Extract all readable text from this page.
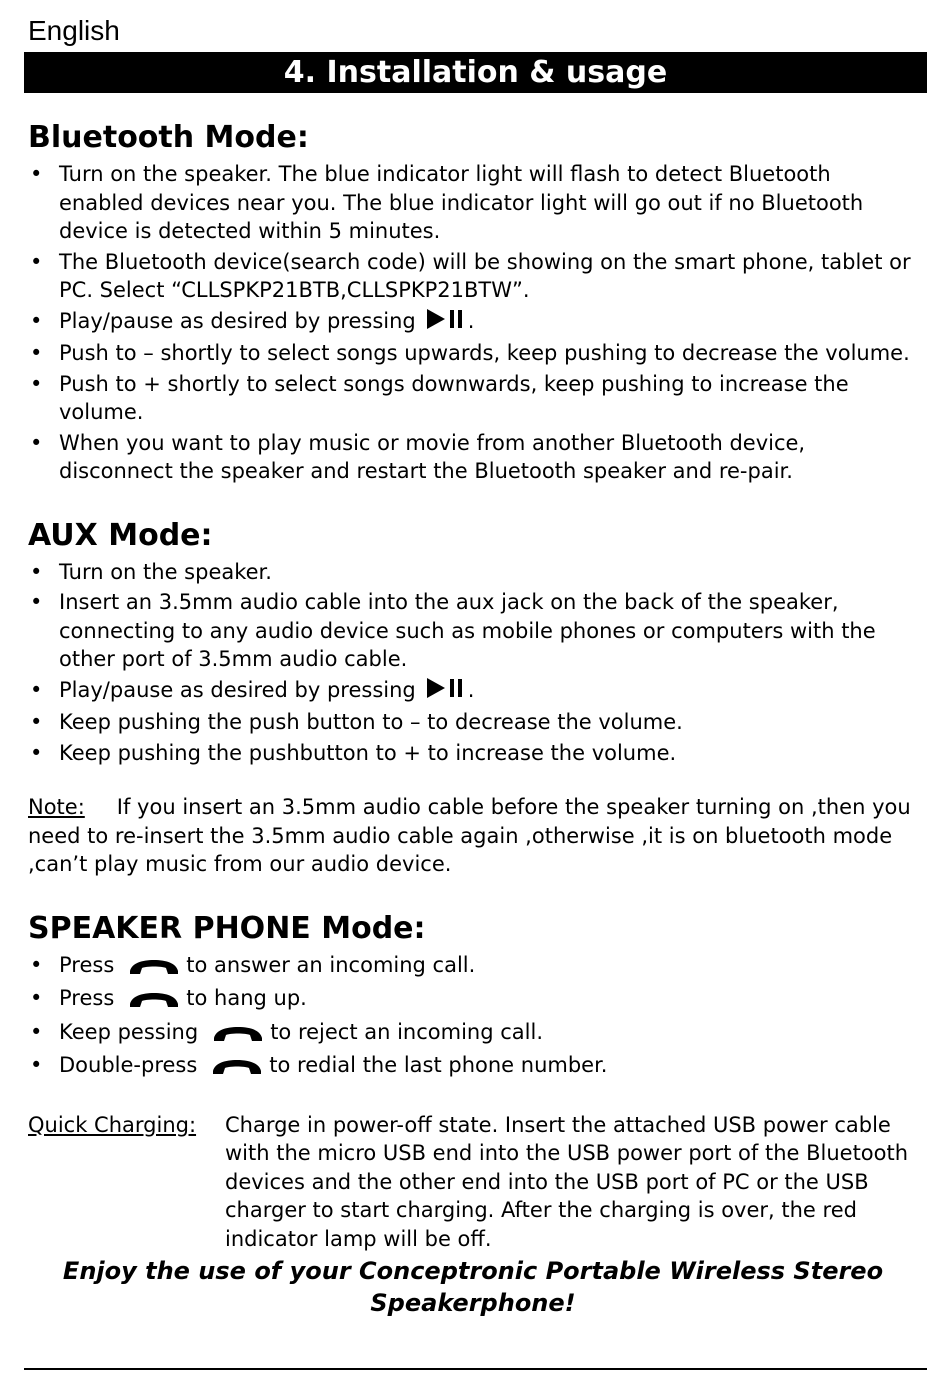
English
4. Installation & usage
Bluetooth Mode:
• Turn on the speaker. The blue indicator light will flash to detect Bluetooth enabled devices near you. The blue indicator light will go out if no Bluetooth device is detected within 5 minutes.
• The Bluetooth device(search code) will be showing on the smart phone, tablet or PC. Select “CLLSPKP21BTB,CLLSPKP21BTW”.
• Play/pause as desired by pressing .
• Push to – shortly to select songs upwards, keep pushing to decrease the volume.
• Push to + shortly to select songs downwards, keep pushing to increase the volume.
• When you want to play music or movie from another Bluetooth device, disconnect the speaker and restart the Bluetooth speaker and re-pair.
AUX Mode:
• Turn on the speaker.
• Insert an 3.5mm audio cable into the aux jack on the back of the speaker, connecting to any audio device such as mobile phones or computers with the other port of 3.5mm audio cable.
• Play/pause as desired by pressing .
• Keep pushing the push button to – to decrease the volume.
• Keep pushing the pushbutton to + to increase the volume.
Note: If you insert an 3.5mm audio cable before the speaker turning on ,then you need to re-insert the 3.5mm audio cable again ,otherwise ,it is on bluetooth mode ,can’t play music from our audio device.
SPEAKER PHONE Mode:
• Press	to answer an incoming call.
• Press	to hang up.
• Keep pessing	to reject an incoming call.
• Double-press	to redial the last phone number.
Quick Charging:	Charge in power-off state. Insert the attached USB power cable with the micro USB end into the USB power port of the Bluetooth devices and the other end into the USB port of PC or the USB charger to start charging. After the charging is over, the red indicator lamp will be off.
Enjoy the use of your Conceptronic Portable Wireless Stereo Speakerphone!
